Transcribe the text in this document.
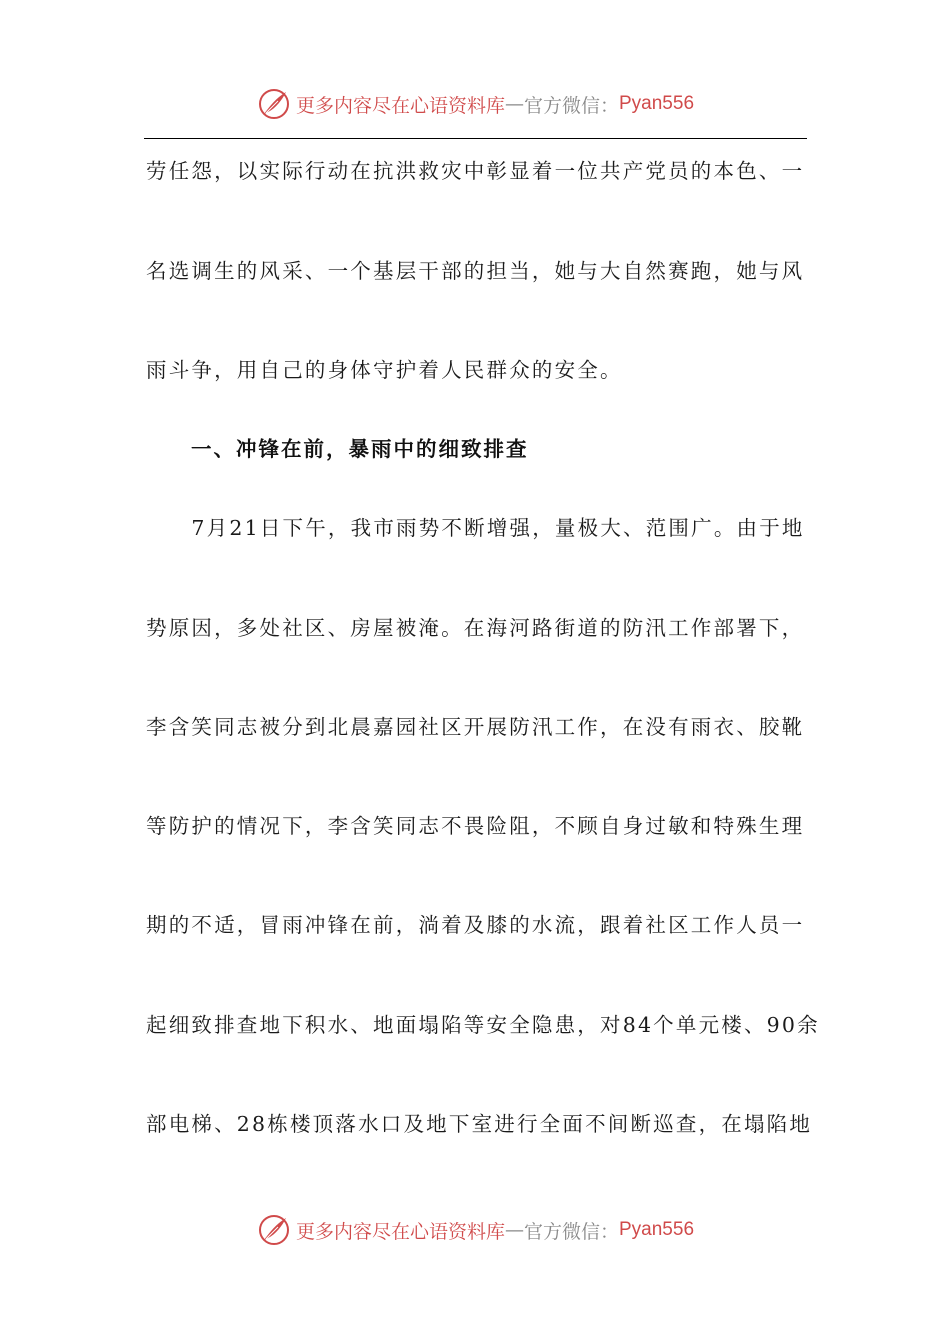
更多内容尽在心语资料库 — 官方微信： Pyan556
劳任怨，以实际行动在抗洪救灾中彰显着一位共产党员的本色、一
名选调生的风采、一个基层干部的担当，她与大自然赛跑，她与风
雨斗争，用自己的身体守护着人民群众的安全。
一、冲锋在前，暴雨中的细致排查
　　7月21日下午，我市雨势不断增强，量极大、范围广。由于地
势原因，多处社区、房屋被淹。在海河路街道的防汛工作部署下，
李含笑同志被分到北晨嘉园社区开展防汛工作，在没有雨衣、胶靴
等防护的情况下，李含笑同志不畏险阻，不顾自身过敏和特殊生理
期的不适，冒雨冲锋在前，淌着及膝的水流，跟着社区工作人员一
起细致排查地下积水、地面塌陷等安全隐患，对84个单元楼、90余
部电梯、28栋楼顶落水口及地下室进行全面不间断巡查，在塌陷地
更多内容尽在心语资料库 — 官方微信： Pyan556
